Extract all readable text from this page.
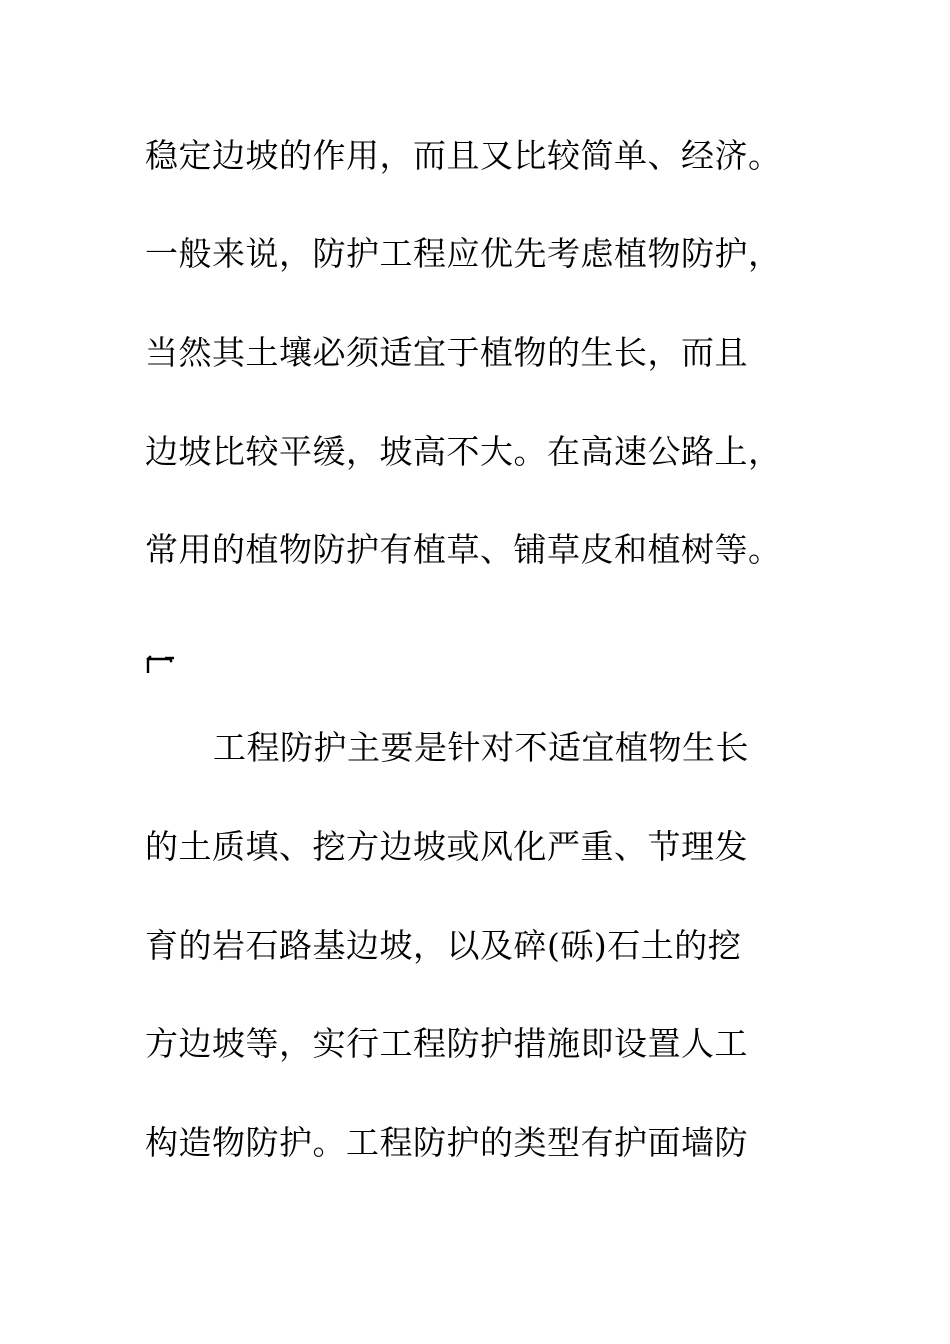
稳定边坡的作用，而且又比较简单、经济。
一般来说，防护工程应优先考虑植物防护，
当然其土壤必须适宜于植物的生长，而且
边坡比较平缓，坡高不大。在高速公路上，
常用的植物防护有植草、铺草皮和植树等。
工程防护主要是针对不适宜植物生长
的土质填、挖方边坡或风化严重、节理发
育的岩石路基边坡，以及碎(砾)石土的挖
方边坡等，实行工程防护措施即设置人工
构造物防护。工程防护的类型有护面墙防
